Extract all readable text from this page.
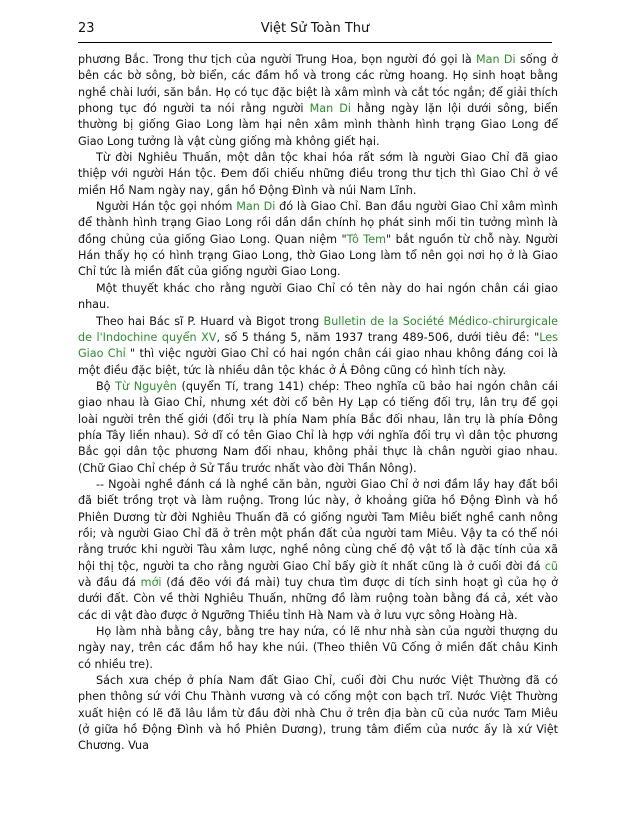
23	Việt Sử Toàn Thư

phương Bắc. Trong thư tịch của người Trung Hoa, bọn người đó gọi là Man Di sống ở bên các bờ sông, bờ biển, các đầm hồ và trong các rừng hoang. Họ sinh hoạt bằng nghề chài lưới, săn bắn. Họ có tục đặc biệt là xâm mình và cắt tóc ngắn; để giải thích phong tục đó người ta nói rằng người Man Di hằng ngày lặn lội dưới sông, biển thường bị giống Giao Long làm hại nên xâm mình thành hình trạng Giao Long để Giao Long tưởng là vật cùng giống mà không giết hại.

Từ đời Nghiêu Thuấn, một dân tộc khai hóa rất sớm là người Giao Chỉ đã giao thiệp với người Hán tộc. Đem đối chiếu những điều trong thư tịch thì Giao Chỉ ở về miền Hồ Nam ngày nay, gần hồ Động Đình và núi Nam Lĩnh.

Người Hán tộc gọi nhóm Man Di đó là Giao Chỉ. Ban đầu người Giao Chỉ xâm mình để thành hình trạng Giao Long rồi dần dần chính họ phát sinh mối tin tưởng mình là đồng chủng của giống Giao Long. Quan niệm "Tô Tem" bắt nguồn từ chỗ này. Người Hán thấy họ có hình trạng Giao Long, thờ Giao Long làm tổ nên gọi nơi họ ở là Giao Chỉ tức là miền đất của giống người Giao Long.

Một thuyết khác cho rằng người Giao Chỉ có tên này do hai ngón chân cái giao nhau.

Theo hai Bác sĩ P. Huard và Bigot trong Bulletin de la Société Médico-chirurgicale de l'Indochine quyển XV, số 5 tháng 5, năm 1937 trang 489-506, dưới tiêu đề: "Les Giao Chỉ " thì việc người Giao Chỉ có hai ngón chân cái giao nhau không đáng coi là một điều đặc biệt, tức là nhiều dân tộc khác ở Á Đông cũng có hình tích này.

Bộ Từ Nguyên (quyển Tí, trang 141) chép: Theo nghĩa cũ bảo hai ngón chân cái giao nhau là Giao Chỉ, nhưng xét đời cổ bên Hy Lạp có tiếng đối trụ, lân trụ để gọi loài người trên thế giới (đối trụ là phía Nam phía Bắc đối nhau, lân trụ là phía Đông phía Tây liền nhau). Sở dĩ có tên Giao Chỉ là hợp với nghĩa đối trụ vì dân tộc phương Bắc gọi dân tộc phương Nam đối nhau, không phải thực là chân người giao nhau. (Chữ Giao Chỉ chép ở Sử Tầu trước nhất vào đời Thần Nông).

-- Ngoài nghề đánh cá là nghề căn bản, người Giao Chỉ ở nơi đầm lầy hay đất bồi đã biết trồng trọt và làm ruộng. Trong lúc này, ở khoảng giữa hồ Động Đình và hồ Phiên Dương từ đời Nghiêu Thuấn đã có giống người Tam Miêu biết nghề canh nông rồi; và người Giao Chỉ đã ở trên một phần đất của người tam Miêu. Vậy ta có thể nói rằng trước khi người Tàu xâm lược, nghề nông cùng chế độ vật tổ là đặc tính của xã hội thị tộc, người ta cho rằng người Giao Chỉ bấy giờ ít nhất cũng là ở cuối đời đá cũ và đầu đá mới (đá đẽo với đá mài) tuy chưa tìm được di tích sinh hoạt gì của họ ở dưới đất. Còn về thời Nghiêu Thuấn, những đồ làm ruộng toàn bằng đá cả, xét vào các di vật đào được ở Ngưỡng Thiều tỉnh Hà Nam và ở lưu vực sông Hoàng Hà.

Họ làm nhà bằng cây, bằng tre hay nứa, có lẽ như nhà sàn của người thượng du ngày nay, trên các đầm hồ hay khe núi. (Theo thiên Vũ Cống ở miền đất châu Kinh có nhiều tre).

Sách xưa chép ở phía Nam đất Giao Chỉ, cuối đời Chu nước Việt Thường đã có phen thông sứ với Chu Thành vương và có cống một con bạch trĩ. Nước Việt Thường xuất hiện có lẽ đã lâu lắm từ đầu đời nhà Chu ở trên địa bàn cũ của nước Tam Miêu (ở giữa hồ Động Đình và hồ Phiên Dương), trung tâm điểm của nước ấy là xứ Việt Chương. Vua
